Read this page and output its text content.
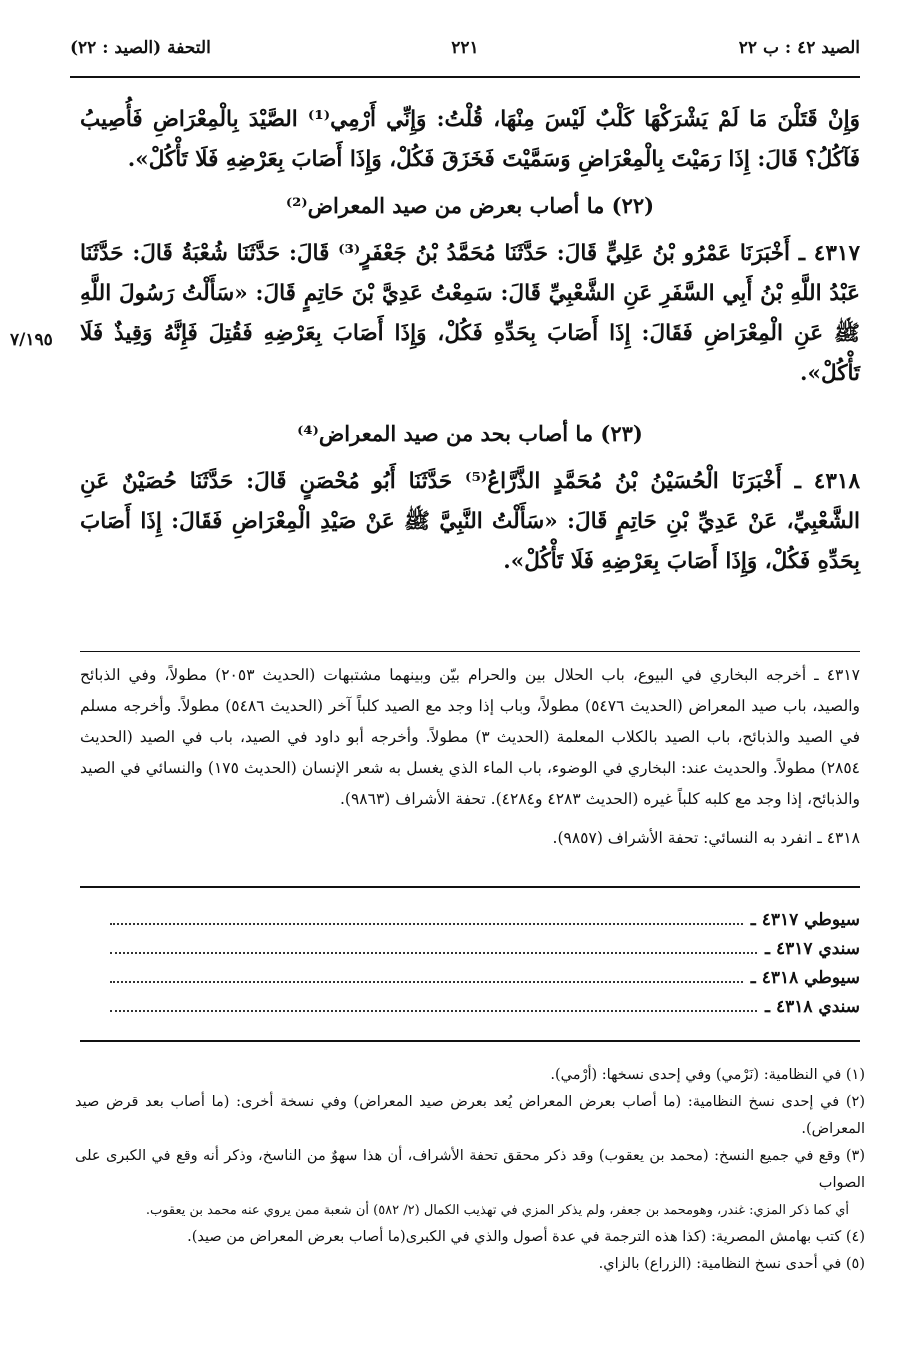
الصيد ٤٢ : ب ٢٢
٢٢١
التحفة (الصيد : ٢٢)
٧/١٩٥

وَإِنْ قَتَلْنَ مَا لَمْ يَشْرَكْهَا كَلْبٌ لَيْسَ مِنْهَا، قُلْتُ: وَإِنِّي أَرْمِي⁽¹⁾ الصَّيْدَ بِالْمِعْرَاضِ فَأُصِيبُ فَآكُلُ؟ قَالَ: إِذَا رَمَيْتَ بِالْمِعْرَاضِ وَسَمَّيْتَ فَخَزَقَ فَكُلْ، وَإِذَا أَصَابَ بِعَرْضِهِ فَلَا تَأْكُلْ».

(٢٢) ما أصاب بعرض من صيد المعراض⁽²⁾

٤٣١٧ ـ أَخْبَرَنَا عَمْرُو بْنُ عَلِيٍّ قَالَ: حَدَّثَنَا مُحَمَّدُ بْنُ جَعْفَرٍ⁽³⁾ قَالَ: حَدَّثَنَا شُعْبَةُ قَالَ: حَدَّثَنَا عَبْدُ اللَّهِ بْنُ أَبِي السَّفَرِ عَنِ الشَّعْبِيِّ قَالَ: سَمِعْتُ عَدِيَّ بْنَ حَاتِمٍ قَالَ: «سَأَلْتُ رَسُولَ اللَّهِ ﷺ عَنِ الْمِعْرَاضِ فَقَالَ: إِذَا أَصَابَ بِحَدِّهِ فَكُلْ، وَإِذَا أَصَابَ بِعَرْضِهِ فَقُتِلَ فَإِنَّهُ وَقِيذٌ فَلَا تَأْكُلْ».

(٢٣) ما أصاب بحد من صيد المعراض⁽⁴⁾

٤٣١٨ ـ أَخْبَرَنَا الْحُسَيْنُ بْنُ مُحَمَّدٍ الذَّرَّاعُ⁽⁵⁾ حَدَّثَنَا أَبُو مُحْصَنٍ قَالَ: حَدَّثَنَا حُصَيْنٌ عَنِ الشَّعْبِيِّ، عَنْ عَدِيِّ بْنِ حَاتِمٍ قَالَ: «سَأَلْتُ النَّبِيَّ ﷺ عَنْ صَيْدِ الْمِعْرَاضِ فَقَالَ: إِذَا أَصَابَ بِحَدِّهِ فَكُلْ، وَإِذَا أَصَابَ بِعَرْضِهِ فَلَا تَأْكُلْ».

٤٣١٧ ـ أخرجه البخاري في البيوع، باب الحلال بين والحرام بيّن وبينهما مشتبهات (الحديث ٢٠٥٣) مطولاً، وفي الذبائح والصيد، باب صيد المعراض (الحديث ٥٤٧٦) مطولاً، وباب إذا وجد مع الصيد كلباً آخر (الحديث ٥٤٨٦) مطولاً. وأخرجه مسلم في الصيد والذبائح، باب الصيد بالكلاب المعلمة (الحديث ٣) مطولاً. وأخرجه أبو داود في الصيد، باب في الصيد (الحديث ٢٨٥٤) مطولاً. والحديث عند: البخاري في الوضوء، باب الماء الذي يغسل به شعر الإنسان (الحديث ١٧٥) والنسائي في الصيد والذبائح، إذا وجد مع كلبه كلباً غيره (الحديث ٤٢٨٣ و٤٢٨٤). تحفة الأشراف (٩٨٦٣).

٤٣١٨ ـ انفرد به النسائي: تحفة الأشراف (٩٨٥٧).

سيوطي ٤٣١٧ ـ
سندي ٤٣١٧ ـ
سيوطي ٤٣١٨ ـ
سندي ٤٣١٨ ـ

(١) في النظامية: (نَرْمي) وفي إحدى نسخها: (أرْمي).

(٢) في إحدى نسخ النظامية: (ما أصاب بعرض المعراض يُعد بعرض صيد المعراض) وفي نسخة أخرى: (ما أصاب بعد قرض صيد المعراض).

(٣) وقع في جميع النسخ: (محمد بن يعقوب) وقد ذكر محقق تحفة الأشراف، أن هذا سهوٌ من الناسخ، وذكر أنه وقع في الكبرى على الصواب

أي كما ذكر المزي: غندر، وهومحمد بن جعفر، ولم يذكر المزي في تهذيب الكمال (٢/ ٥٨٢) أن شعبة ممن يروي عنه محمد بن يعقوب.

(٤) كتب بهامش المصرية: (كذا هذه الترجمة في عدة أصول والذي في الكبرى(ما أصاب بعرض المعراض من صيد).

(٥) في أحدى نسخ النظامية: (الزراع) بالزاي.
